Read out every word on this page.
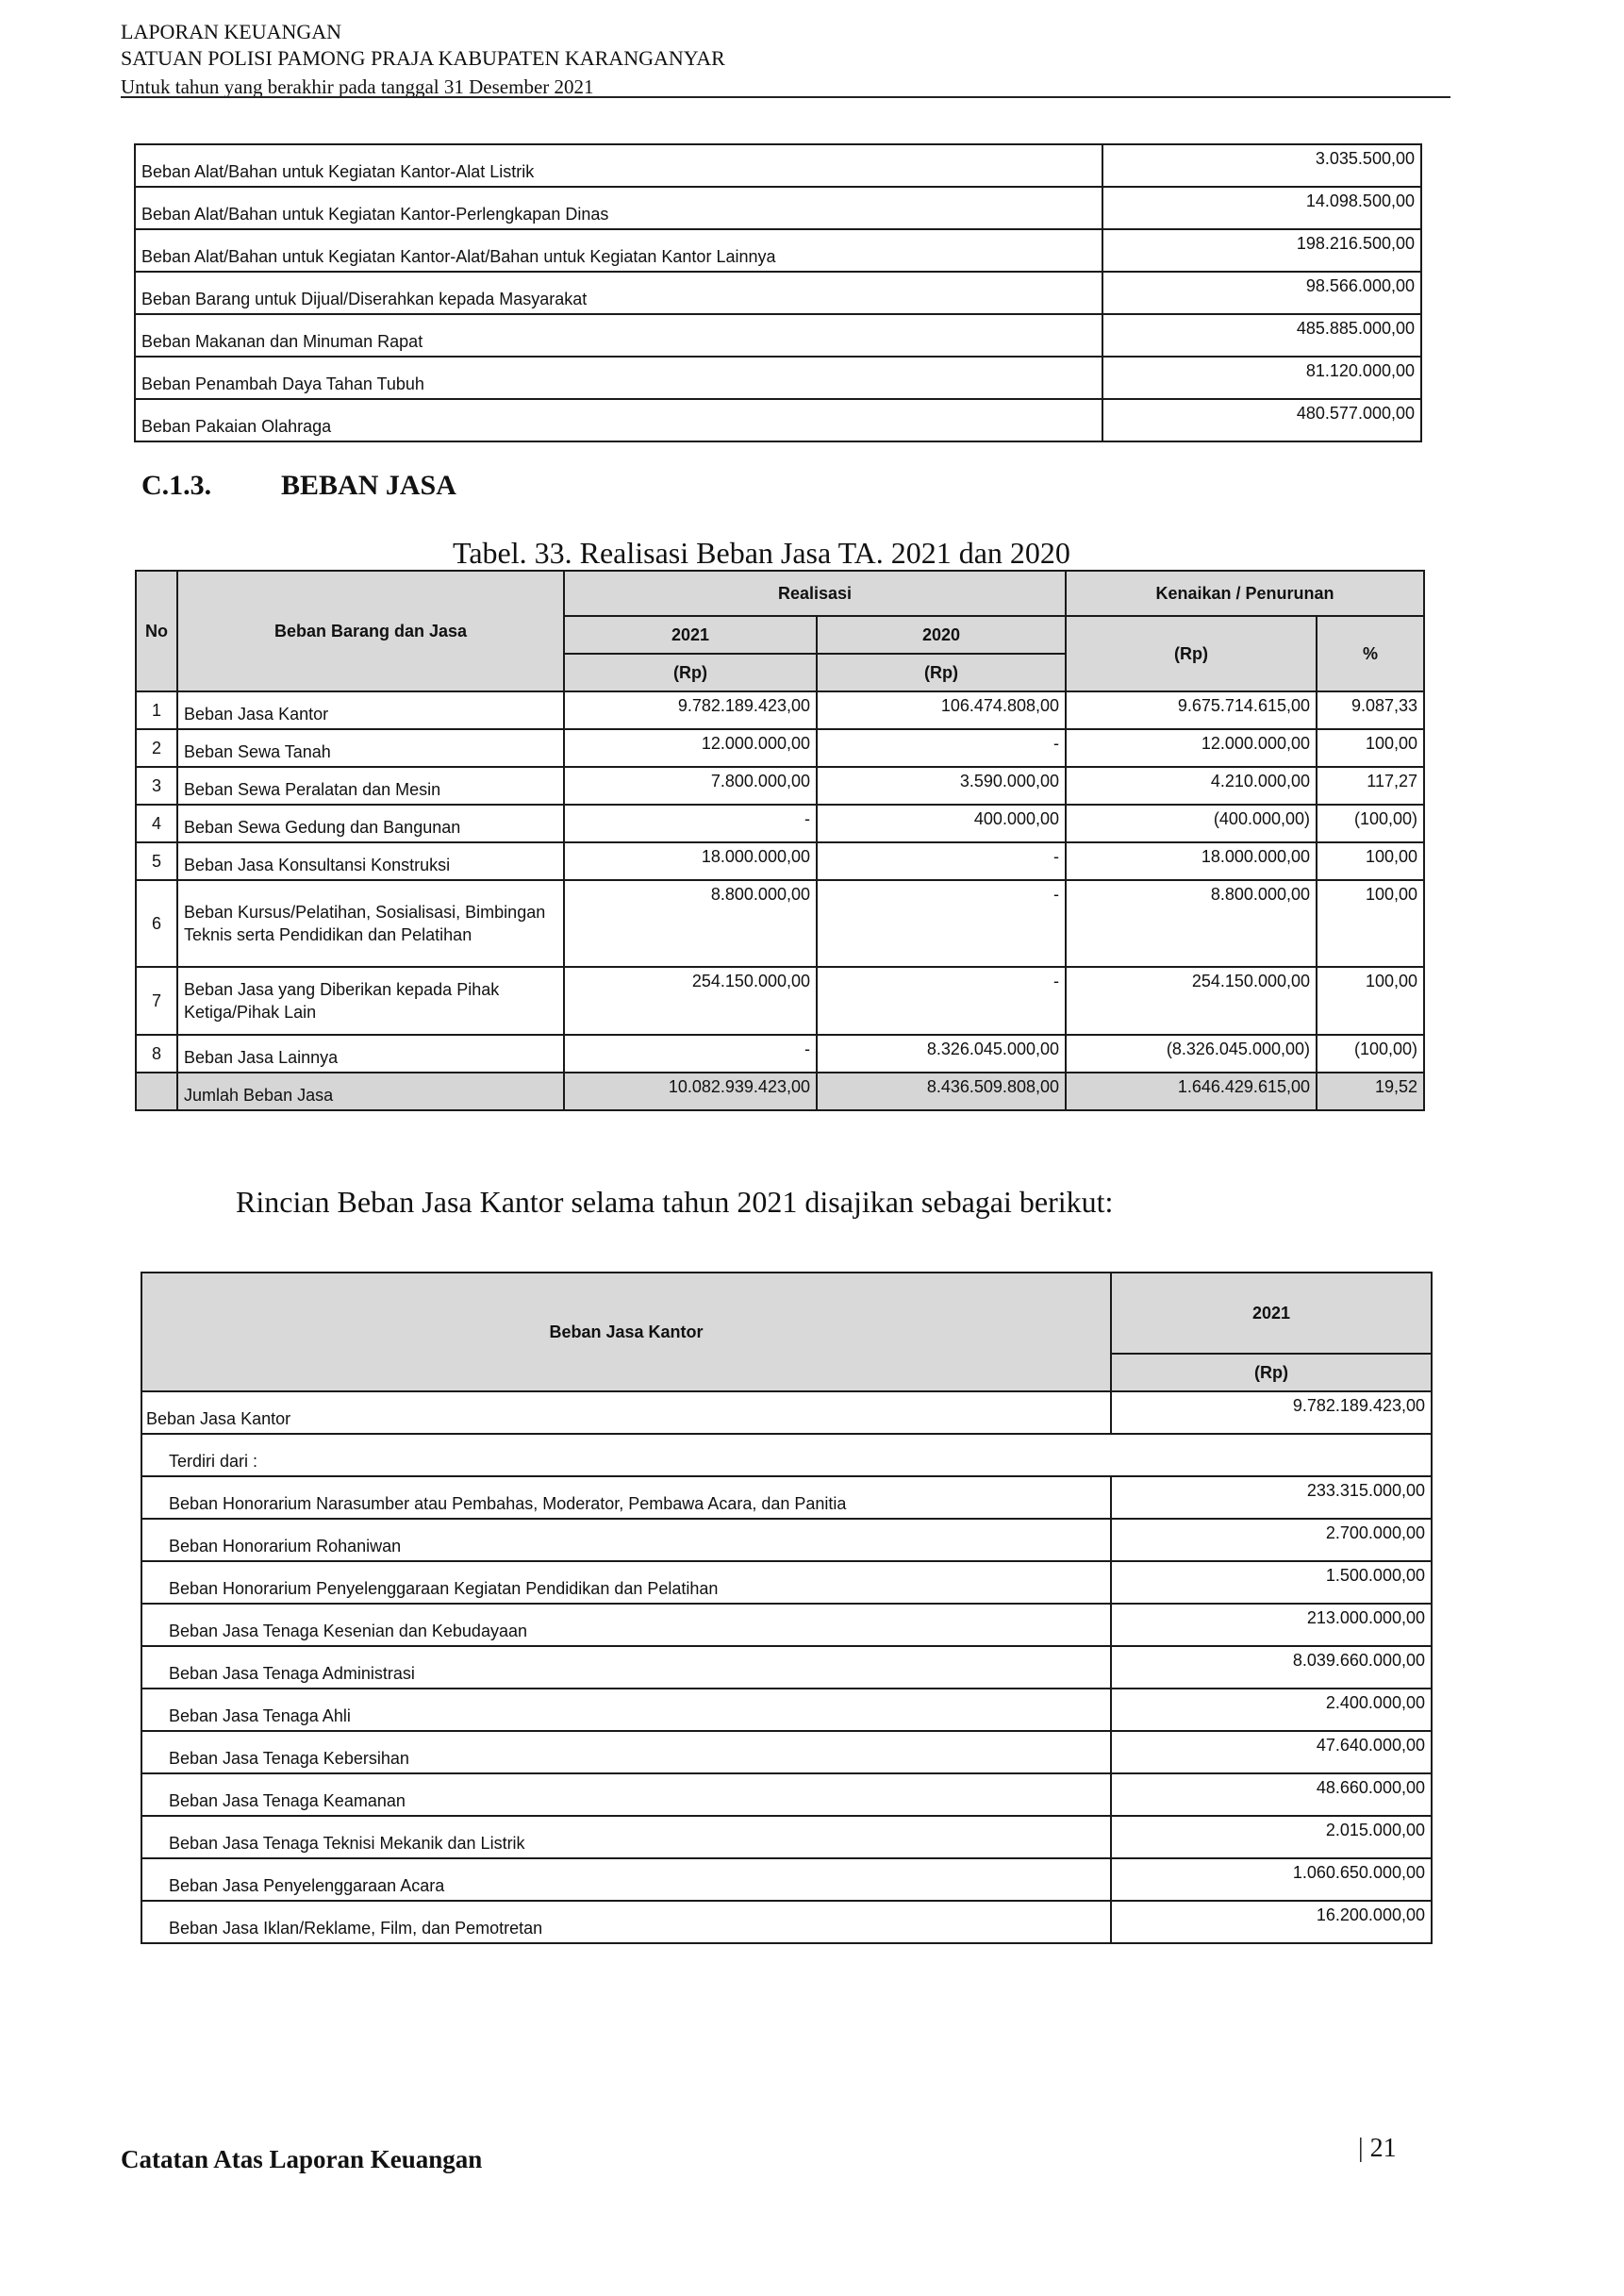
LAPORAN KEUANGAN
SATUAN POLISI PAMONG PRAJA KABUPATEN KARANGANYAR
Untuk tahun yang berakhir pada tanggal 31 Desember 2021
Beban Alat/Bahan untuk Kegiatan Kantor-Alat Listrik	3.035.500,00
Beban Alat/Bahan untuk Kegiatan Kantor-Perlengkapan Dinas	14.098.500,00
Beban Alat/Bahan untuk Kegiatan Kantor-Alat/Bahan untuk Kegiatan Kantor Lainnya	198.216.500,00
Beban Barang untuk Dijual/Diserahkan kepada Masyarakat	98.566.000,00
Beban Makanan dan Minuman Rapat	485.885.000,00
Beban Penambah Daya Tahan Tubuh	81.120.000,00
Beban Pakaian Olahraga	480.577.000,00
C.1.3. BEBAN JASA
Tabel. 33. Realisasi Beban Jasa TA. 2021 dan 2020
No	Beban Barang dan Jasa	Realisasi		Kenaikan / Penurunan	
		2021	2020	(Rp)	%
		(Rp)	(Rp)		
1	Beban Jasa Kantor	9.782.189.423,00	106.474.808,00	9.675.714.615,00	9.087,33
2	Beban Sewa Tanah	12.000.000,00	-	12.000.000,00	100,00
3	Beban Sewa Peralatan dan Mesin	7.800.000,00	3.590.000,00	4.210.000,00	117,27
4	Beban Sewa Gedung dan Bangunan	-	400.000,00	(400.000,00)	(100,00)
5	Beban Jasa Konsultansi Konstruksi	18.000.000,00	-	18.000.000,00	100,00
6	Beban Kursus/Pelatihan, Sosialisasi, Bimbingan Teknis serta Pendidikan dan Pelatihan	8.800.000,00	-	8.800.000,00	100,00
7	Beban Jasa yang Diberikan kepada Pihak Ketiga/Pihak Lain	254.150.000,00	-	254.150.000,00	100,00
8	Beban Jasa Lainnya	-	8.326.045.000,00	(8.326.045.000,00)	(100,00)
	Jumlah Beban Jasa	10.082.939.423,00	8.436.509.808,00	1.646.429.615,00	19,52
Rincian Beban Jasa Kantor selama tahun 2021 disajikan sebagai berikut:
Beban Jasa Kantor	2021
	(Rp)
Beban Jasa Kantor	9.782.189.423,00
Terdiri dari :	
Beban Honorarium Narasumber atau Pembahas, Moderator, Pembawa Acara, dan Panitia	233.315.000,00
Beban Honorarium Rohaniwan	2.700.000,00
Beban Honorarium Penyelenggaraan Kegiatan Pendidikan dan Pelatihan	1.500.000,00
Beban Jasa Tenaga Kesenian dan Kebudayaan	213.000.000,00
Beban Jasa Tenaga Administrasi	8.039.660.000,00
Beban Jasa Tenaga Ahli	2.400.000,00
Beban Jasa Tenaga Kebersihan	47.640.000,00
Beban Jasa Tenaga Keamanan	48.660.000,00
Beban Jasa Tenaga Teknisi Mekanik dan Listrik	2.015.000,00
Beban Jasa Penyelenggaraan Acara	1.060.650.000,00
Beban Jasa Iklan/Reklame, Film, dan Pemotretan	16.200.000,00
Catatan Atas Laporan Keuangan	| 21
